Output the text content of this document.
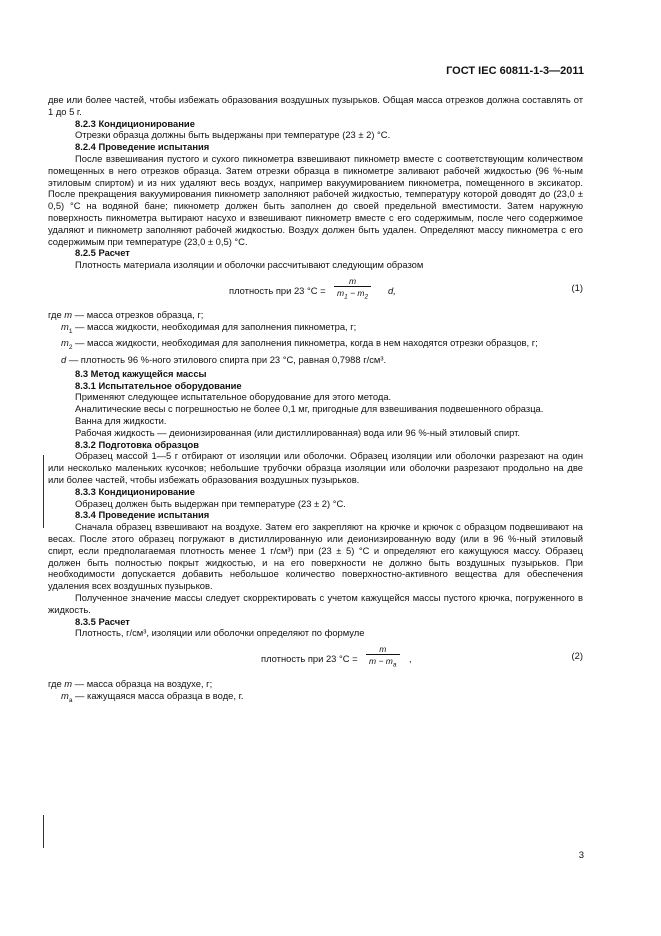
ГОСТ IEC 60811-1-3—2011

две или более частей, чтобы избежать образования воздушных пузырьков. Общая масса отрезков должна составлять от 1 до 5 г.

8.2.3 Кондиционирование

Отрезки образца должны быть выдержаны при температуре (23 ± 2) °С.

8.2.4 Проведение испытания

После взвешивания пустого и сухого пикнометра взвешивают пикнометр вместе с соответствующим количеством помещенных в него отрезков образца. Затем отрезки образца в пикнометре заливают рабочей жидкостью (96 %-ным этиловым спиртом) и из них удаляют весь воздух, например вакуумированием пикнометра, помещенного в эксикатор. После прекращения вакуумирования пикнометр заполняют рабочей жидкостью, температуру которой доводят до (23,0 ± 0,5) °С на водяной бане; пикнометр должен быть заполнен до своей предельной вместимости. Затем наружную поверхность пикнометра вытирают насухо и взвешивают пикнометр вместе с его содержимым, после чего содержимое удаляют и пикнометр заполняют рабочей жидкостью. Воздух должен быть удален. Определяют массу пикнометра с его содержимым при температуре (23,0 ± 0,5) °С.

8.2.5 Расчет

Плотность материала изоляции и оболочки рассчитывают следующим образом

плотность при 23 $^\circ С = \frac{m}{m_1 - m_2} d$,	(1)

где m — масса отрезков образца, г;

$m_1$ — масса жидкости, необходимая для заполнения пикнометра, г;

$m_2$ — масса жидкости, необходимая для заполнения пикнометра, когда в нем находятся отрезки образцов, г;

d — плотность 96 %-ного этилового спирта при 23 °С, равная 0,7988 г/см³.

8.3 Метод кажущейся массы

8.3.1 Испытательное оборудование

Применяют следующее испытательное оборудование для этого метода.

Аналитические весы с погрешностью не более 0,1 мг, пригодные для взвешивания подвешенного образца.

Ванна для жидкости.

Рабочая жидкость — деионизированная (или дистиллированная) вода или 96 %-ный этиловый спирт.

8.3.2 Подготовка образцов

Образец массой 1—5 г отбирают от изоляции или оболочки. Образец изоляции или оболочки разрезают на один или несколько маленьких кусочков; небольшие трубочки образца изоляции или оболочки разрезают продольно на две или более частей, чтобы избежать образования воздушных пузырьков.

8.3.3 Кондиционирование

Образец должен быть выдержан при температуре (23 ± 2) °С.

8.3.4 Проведение испытания

Сначала образец взвешивают на воздухе. Затем его закрепляют на крючке и крючок с образцом подвешивают на весах. После этого образец погружают в дистиллированную или деионизированную воду (или в 96 %-ный этиловый спирт, если предполагаемая плотность менее 1 г/см³) при (23 ± 5) °С и определяют его кажущуюся массу. Образец должен быть полностью покрыт жидкостью, и на его поверхности не должно быть воздушных пузырьков. При необходимости допускается добавить небольшое количество поверхностно-активного вещества для обеспечения удаления всех воздушных пузырьков.

Полученное значение массы следует скорректировать с учетом кажущейся массы пустого крючка, погруженного в жидкость.

8.3.5 Расчет

Плотность, г/см³, изоляции или оболочки определяют по формуле

плотность при 23 $^\circ С = \frac{m}{m - m_a}$ ,	(2)

где m — масса образца на воздухе, г;

$m_a$ — кажущаяся масса образца в воде, г.

3
